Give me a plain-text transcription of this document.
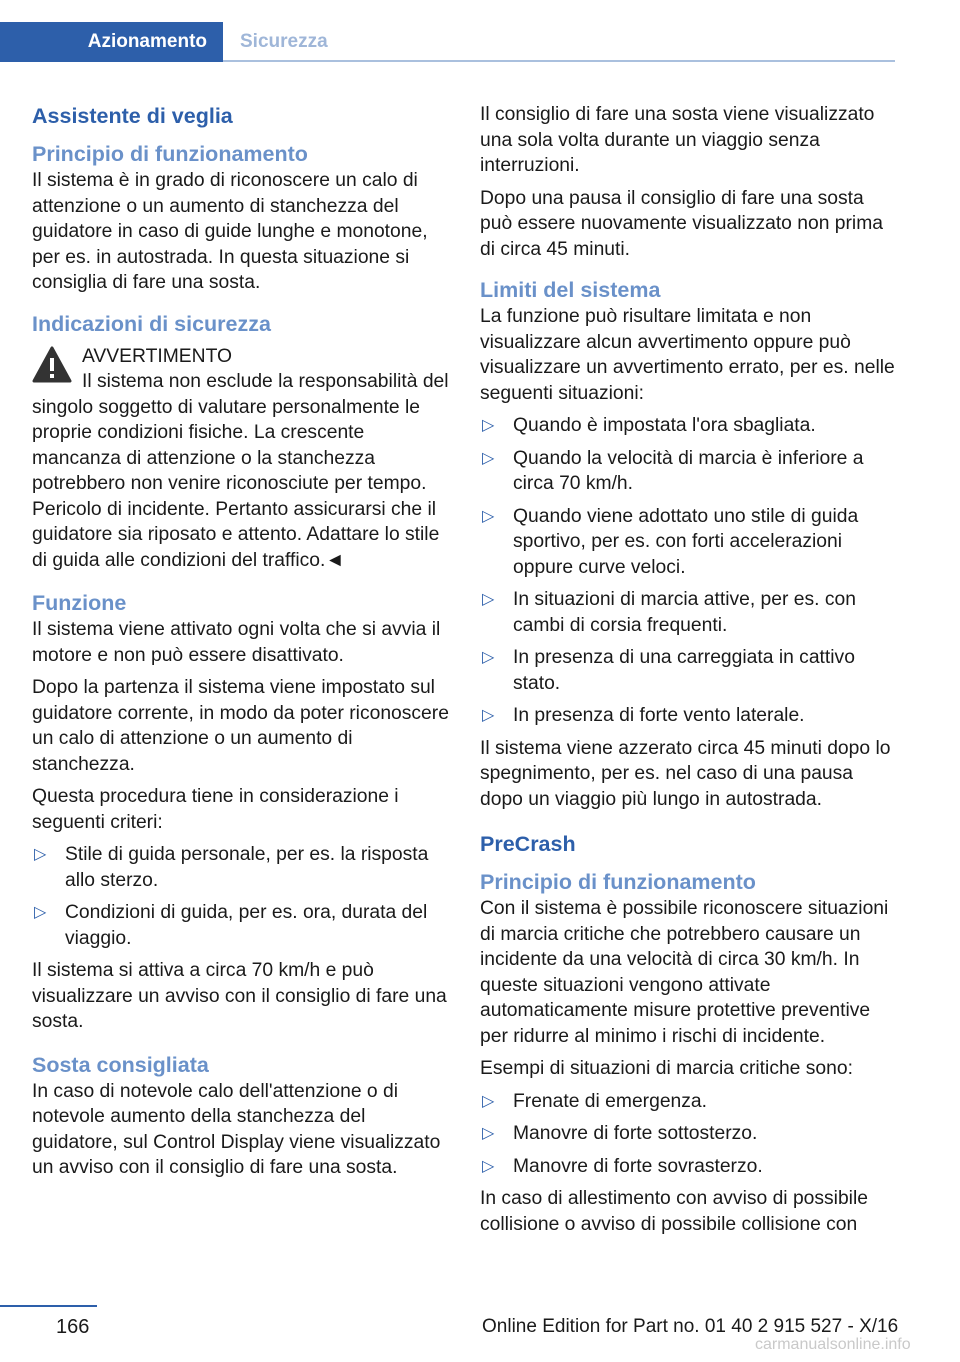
Azionamento	Sicurezza
Assistente di veglia
Principio di funzionamento

Il sistema è in grado di riconoscere un calo di attenzione o un aumento di stanchezza del guidatore in caso di guide lunghe e monotone, per es. in autostrada. In questa situazione si consiglia di fare una sosta.

Indicazioni di sicurezza
AVVERTIMENTO

Il sistema non esclude la responsabilità del singolo soggetto di valutare personalmente le proprie condizioni fisiche. La crescente mancanza di attenzione o la stanchezza potrebbero non venire riconosciute per tempo. Pericolo di incidente. Pertanto assicurarsi che il guidatore sia riposato e attento. Adattare lo stile di guida alle condizioni del traffico.◄

Funzione

Il sistema viene attivato ogni volta che si avvia il motore e non può essere disattivato.

Dopo la partenza il sistema viene impostato sul guidatore corrente, in modo da poter riconoscere un calo di attenzione o un aumento di stanchezza.

Questa procedura tiene in considerazione i seguenti criteri:

▷ Stile di guida personale, per es. la risposta allo sterzo.
▷ Condizioni di guida, per es. ora, durata del viaggio.

Il sistema si attiva a circa 70 km/h e può visualizzare un avviso con il consiglio di fare una sosta.

Sosta consigliata

In caso di notevole calo dell'attenzione o di notevole aumento della stanchezza del guidatore, sul Control Display viene visualizzato un avviso con il consiglio di fare una sosta.

Il consiglio di fare una sosta viene visualizzato una sola volta durante un viaggio senza interruzioni.

Dopo una pausa il consiglio di fare una sosta può essere nuovamente visualizzato non prima di circa 45 minuti.

Limiti del sistema

La funzione può risultare limitata e non visualizzare alcun avvertimento oppure può visualizzare un avvertimento errato, per es. nelle seguenti situazioni:

▷ Quando è impostata l'ora sbagliata.
▷ Quando la velocità di marcia è inferiore a circa 70 km/h.
▷ Quando viene adottato uno stile di guida sportivo, per es. con forti accelerazioni oppure curve veloci.
▷ In situazioni di marcia attive, per es. con cambi di corsia frequenti.
▷ In presenza di una carreggiata in cattivo stato.
▷ In presenza di forte vento laterale.

Il sistema viene azzerato circa 45 minuti dopo lo spegnimento, per es. nel caso di una pausa dopo un viaggio più lungo in autostrada.

PreCrash
Principio di funzionamento

Con il sistema è possibile riconoscere situazioni di marcia critiche che potrebbero causare un incidente da una velocità di circa 30 km/h. In queste situazioni vengono attivate automaticamente misure protettive preventive per ridurre al minimo i rischi di incidente.

Esempi di situazioni di marcia critiche sono:

▷ Frenate di emergenza.
▷ Manovre di forte sottosterzo.
▷ Manovre di forte sovrasterzo.

In caso di allestimento con avviso di possibile collisione o avviso di possibile collisione con

166	Online Edition for Part no. 01 40 2 915 527 - X/16
carmanualsonline.info
